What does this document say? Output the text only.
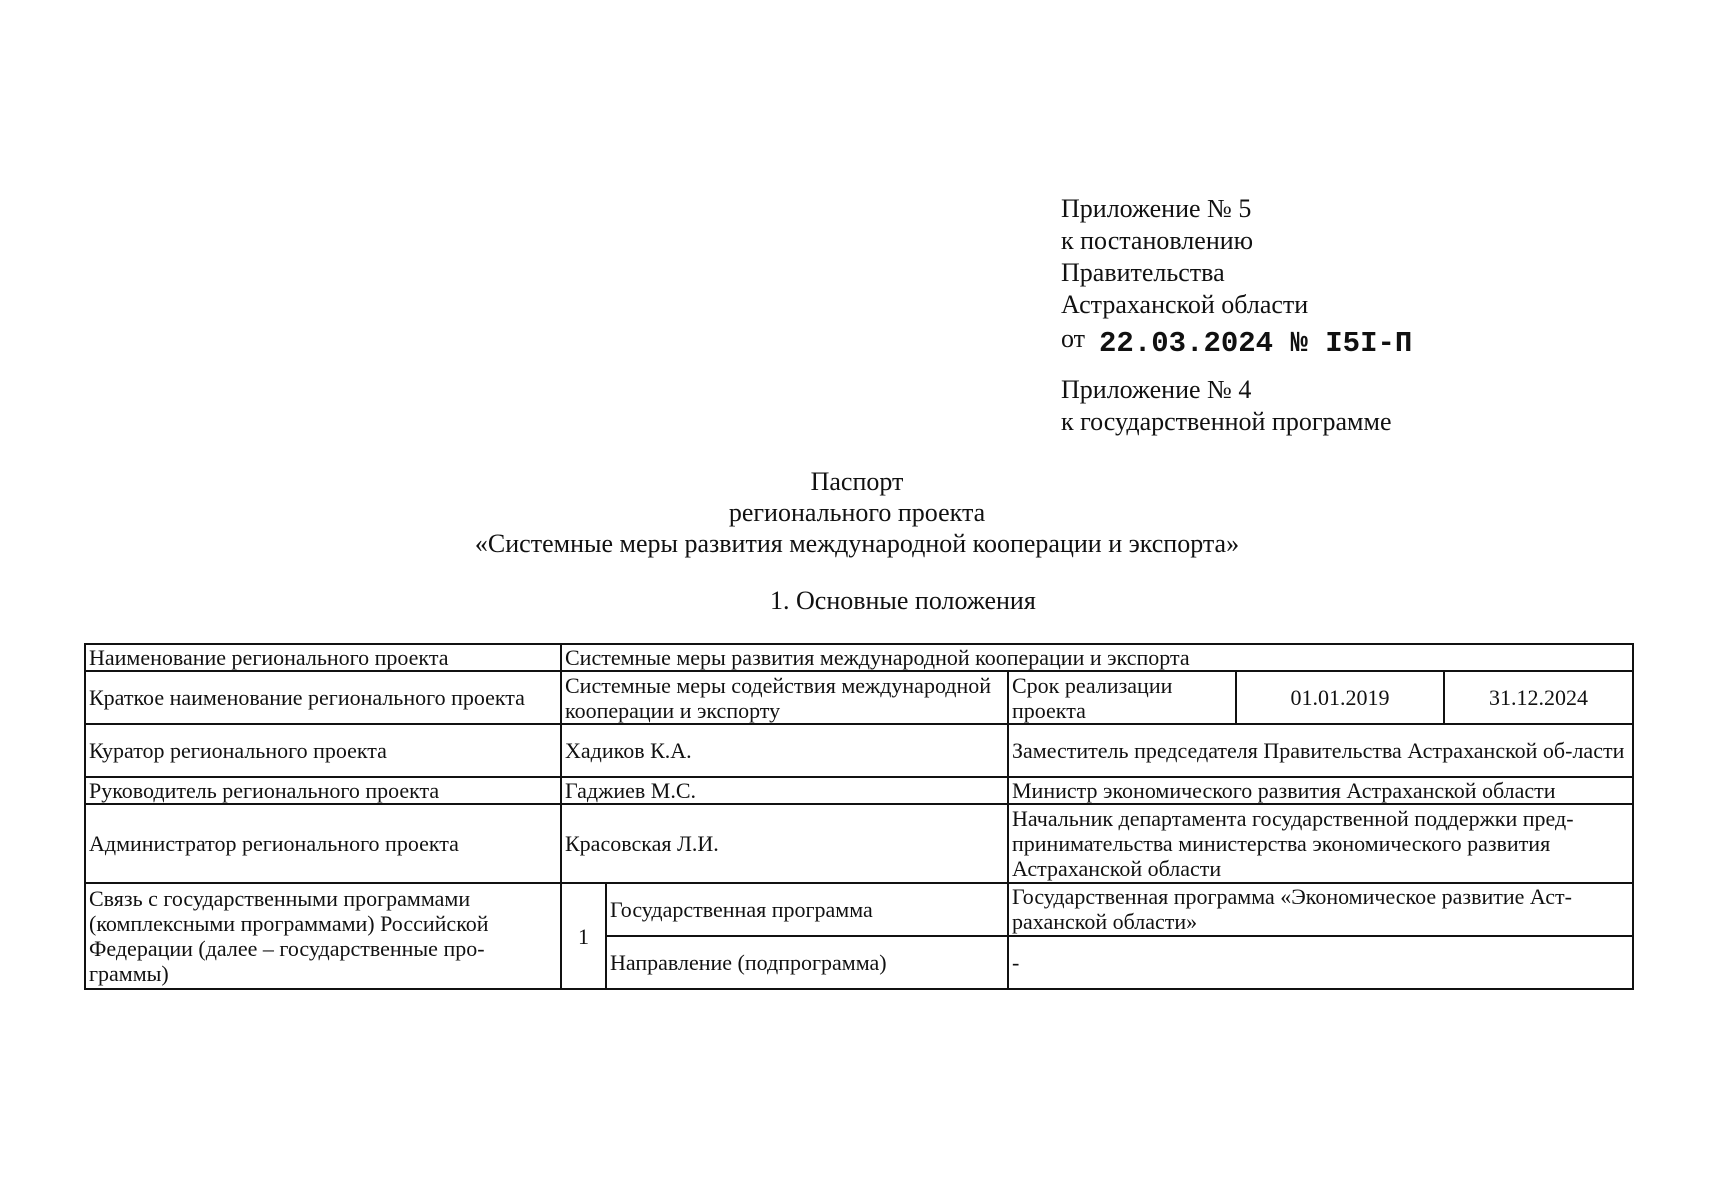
Приложение № 5
к постановлению
Правительства
Астраханской области
от 22.03.2024 № I5I-П
Приложение № 4
к государственной программе
Паспорт
регионального проекта
«Системные меры развития международной кооперации и экспорта»
1. Основные положения
Наименование регионального проекта	Системные меры развития международной кооперации и экспорта				
Краткое наименование регионального проекта	Системные меры содействия международной кооперации и экспорту		Срок реализации проекта	01.01.2019	31.12.2024
Куратор регионального проекта	Хадиков К.А.		Заместитель председателя Правительства Астраханской об-ласти		
Руководитель регионального проекта	Гаджиев М.С.		Министр экономического развития Астраханской области		
Администратор регионального проекта	Красовская Л.И.		Начальник департамента государственной поддержки пред-принимательства министерства экономического развития Астраханской области		
Связь с государственными программами (комплексными программами) Российской Федерации (далее – государственные про-граммы)	1	Государственная программа	Государственная программа «Экономическое развитие Аст-раханской области»		
		Направление (подпрограмма)	-		
